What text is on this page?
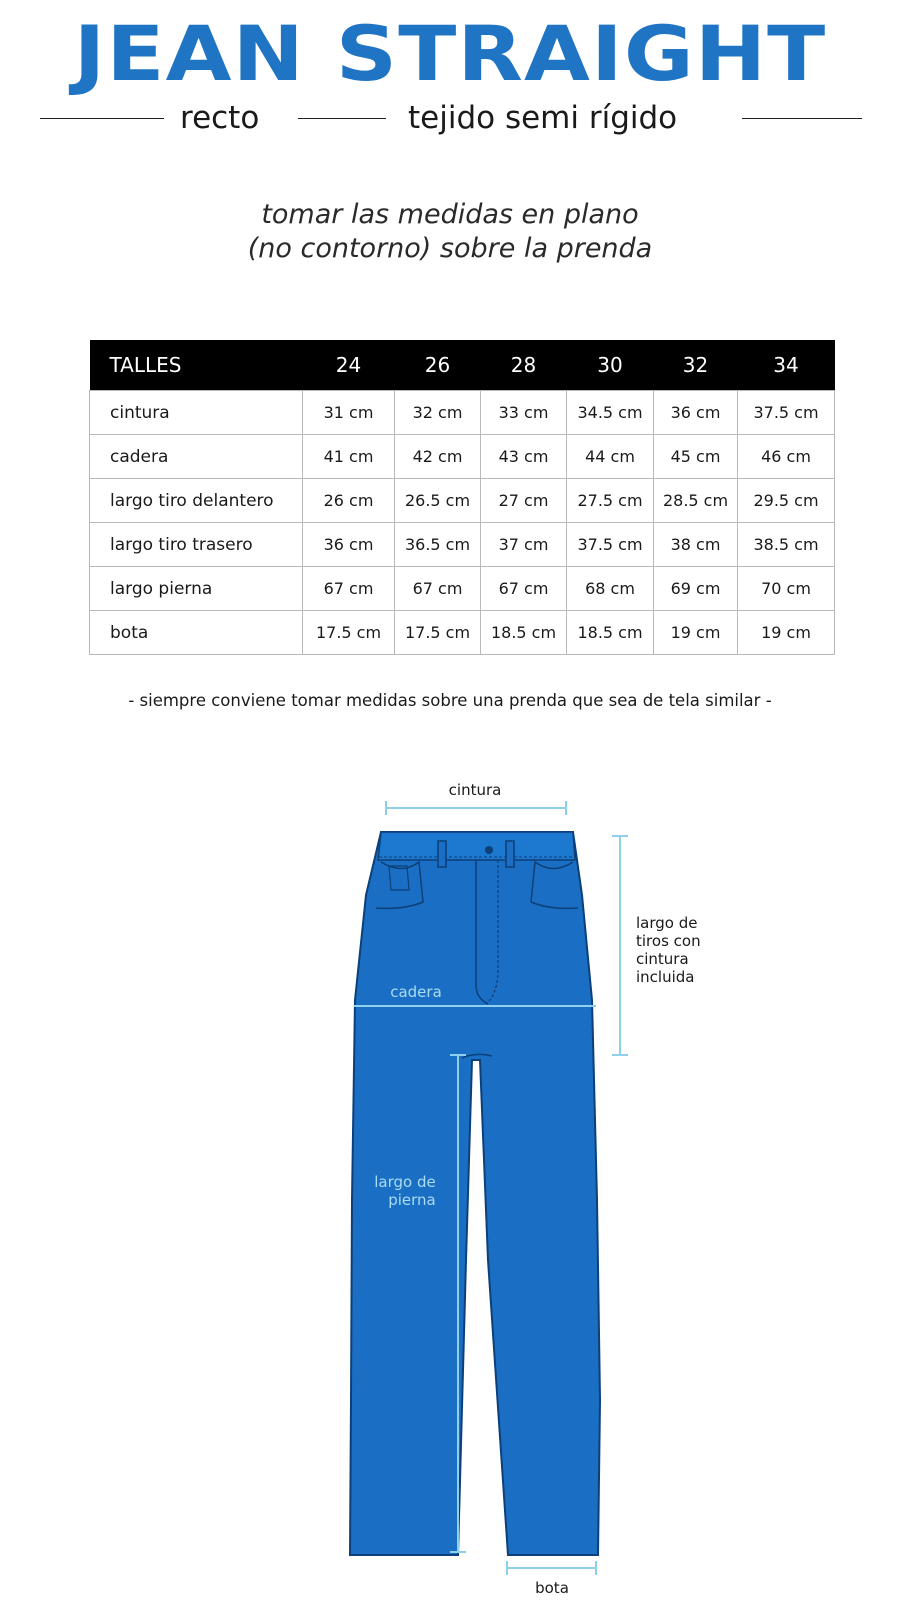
JEAN STRAIGHT
recto	tejido semi rígido
tomar las medidas en plano
(no contorno) sobre la prenda
TALLES	24	26	28	30	32	34
cintura	31 cm	32 cm	33 cm	34.5 cm	36 cm	37.5 cm
cadera	41 cm	42 cm	43 cm	44 cm	45 cm	46 cm
largo tiro delantero	26 cm	26.5 cm	27 cm	27.5 cm	28.5 cm	29.5 cm
largo tiro trasero	36 cm	36.5 cm	37 cm	37.5 cm	38 cm	38.5 cm
largo pierna	67 cm	67 cm	67 cm	68 cm	69 cm	70 cm
bota	17.5 cm	17.5 cm	18.5 cm	18.5 cm	19 cm	19 cm
- siempre conviene tomar medidas sobre una prenda que sea de tela similar -
cintura
cadera
largo de
tiros con
cintura
incluida
largo de
pierna
bota
